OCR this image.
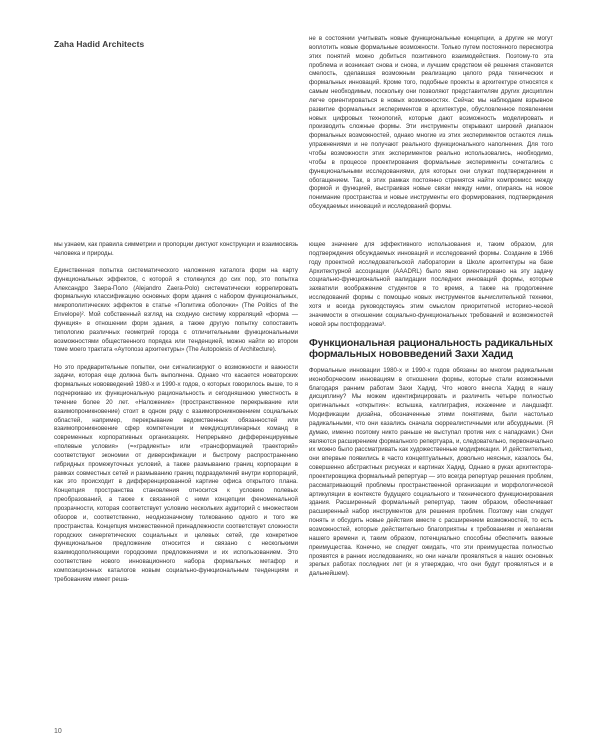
Zaha Hadid Architects

не в состоянии учитывать новые функциональные концепции, а другие не могут воплотить новые формальные возможности. Только путем постоянного пересмотра этих понятий можно добиться позитивного взаимодействия. Поэтому-то эта проблема и возникает снова и снова, и лучшим средством её решения становится смелость, сделавшая возможным реализацию целого ряда технических и формальных инноваций. Кроме того, подобные проекты в архитектуре относятся к самым необходимым, поскольку они позволяют представителям других дисциплин легче ориентироваться в новых возможностях. Сейчас мы наблюдаем взрывное развитие формальных экспериментов в архитектуре, обусловленное появлением новых цифровых технологий, которые дают возможность моделировать и производить сложные формы. Эти инструменты открывают широкий диапазон формальных возможностей, однако многие из этих экспериментов остаются лишь упражнениями и не получают реального функционального наполнения. Для того чтобы возможности этих экспериментов реально использовались, необходимо, чтобы в процессе проектирования формальные эксперименты сочетались с функциональными исследованиями, для которых они служат подтверждением и обогащением. Так, в этих рамках постоянно стремятся найти компромисс между формой и функцией, выстраивая новые связи между ними, опираясь на новое понимание пространства и новые инструменты его формирования, подтверждения обсуждаемых инноваций и исследований формы.

мы узнаем, как правила симметрии и пропорции диктуют конструкции и взаимосвязь человека и природы.

Единственная попытка систематического наложения каталога форм на карту функциональных эффектов, с которой я столкнулся до сих пор, это попытка Александро Заера-Поло (Alejandro Zaera-Polo) систематически коррелировать формальную классификацию основных форм здания с набором функциональных, микрополитических эффектов в статье «Политика оболочки» (The Politics of the Envelope)². Мой собственный взгляд на сходную систему корреляций «форма — функция» в отношении форм здания, а также другую попытку сопоставить типологию различных геометрий города с отличительными функциональными возможностями общественного порядка или тенденцией, можно найти во втором томе моего трактата «Аутопоэз архитектуры» (The Autopoiesis of Architecture).

Но это предварительные попытки, они сигнализируют о возможности и важности задачи, которая еще должна быть выполнена. Однако что касается новаторских формальных нововведений 1980-х и 1990-х годов, о которых говорилось выше, то я подчеркиваю их функциональную рациональность и сегодняшнюю уместность в течение более 20 лет. «Наложение» (пространственное перекрывание или взаимопроникновение) стоит в одном ряду с взаимопроникновением социальных областей, например, перекрывание ведомственных обязанностей или взаимопроникновение сфер компетенции и междисциплинарных команд в современных корпоративных организациях. Непрерывно дифференцируемые «полевые условия» (=«градиенты» или «трансформацией траекторий» соответствуют экономии от диверсификации и быстрому распространению гибридных промежуточных условий, а также размыванию границ корпорации в рамках совместных сетей и размыванию границ подразделений внутри корпораций, как это происходит в дифференцированной картине офиса открытого плана. Концепция пространства становления относится к условию полевых преобразований, а также к связанной с ними концепции феноменальной прозрачности, которая соответствует условию нескольких аудиторий с множеством обзоров и, соответственно, неоднозначному толкованию одного и того же пространства. Концепция множественной принадлежности соответствует сложности городских синергетических социальных и целевых сетей, где конкретное функциональное предложение относится и связано с несколькими взаимодополняющими городскими предложениями и их использованием. Это соответствие нового инновационного набора формальных метафор и композиционных каталогов новым социально-функциональным тенденциям и требованиям имеет реша-

ющее значение для эффективного использования и, таким образом, для подтверждения обсуждаемых инноваций и исследований формы. Создание в 1966 году проектной исследовательской лаборатории в Школе архитектуры на базе Архитектурной ассоциации (AAADRL) было явно ориентировано на эту задачу социально-функциональной валидации последних инноваций формы, которые захватили воображение студентов в то время, а также на продолжение исследований формы с помощью новых инструментов вычислительной техники, хотя и всегда руководствуясь этим смыслом приоритетной историко-ческой значимости в отношении социально-функциональных требований и возможностей новой эры постфордизма³.

Функциональная рациональность радикальных формальных нововведений Захи Хадид

Формальные инновации 1980-х и 1990-х годов обязаны во многом радикальным иконоборческим инновациям в отношении формы, которые стали возможными благодаря ранним работам Захи Хадид. Что нового внесла Хадид в нашу дисциплину? Мы можем идентифицировать и различить четыре полностью оригинальных «открытия»: вспышка, каллиграфия, искажение и ландшафт. Модификации дизайна, обозначенные этими понятиями, были настолько радикальными, что они казались сначала сюрреалистичными или абсурдными. (Я думаю, именно поэтому никто раньше не выступал против них с нападками.) Они являются расширением формального репертуара, и, следовательно, первоначально их можно было рассматривать как художественные модификации. И действительно, они впервые появились в часто концептуальных, довольно неясных, казалось бы, совершенно абстрактных рисунках и картинах Хадид. Однако в руках архитектора-проектировщика формальный репертуар — это всегда репертуар решения проблем, рассматривающий проблемы пространственной организации и морфологической артикуляции в контексте будущего социального и технического функционирования здания. Расширенный формальный репертуар, таким образом, обеспечивает расширенный набор инструментов для решения проблем. Поэтому нам следует понять и обсудить новые действия вместе с расширением возможностей, то есть возможностей, которые действительно благоприятны к требованиям и желаниям нашего времени и, таким образом, потенциально способны обеспечить важные преимущества. Конечно, не следует ожидать, что эти преимущества полностью проявятся в ранних исследованиях, но они начали проявляться в наших основных зрелых работах последних лет (и я утверждаю, что они будут проявляться и в дальнейшем).

10
